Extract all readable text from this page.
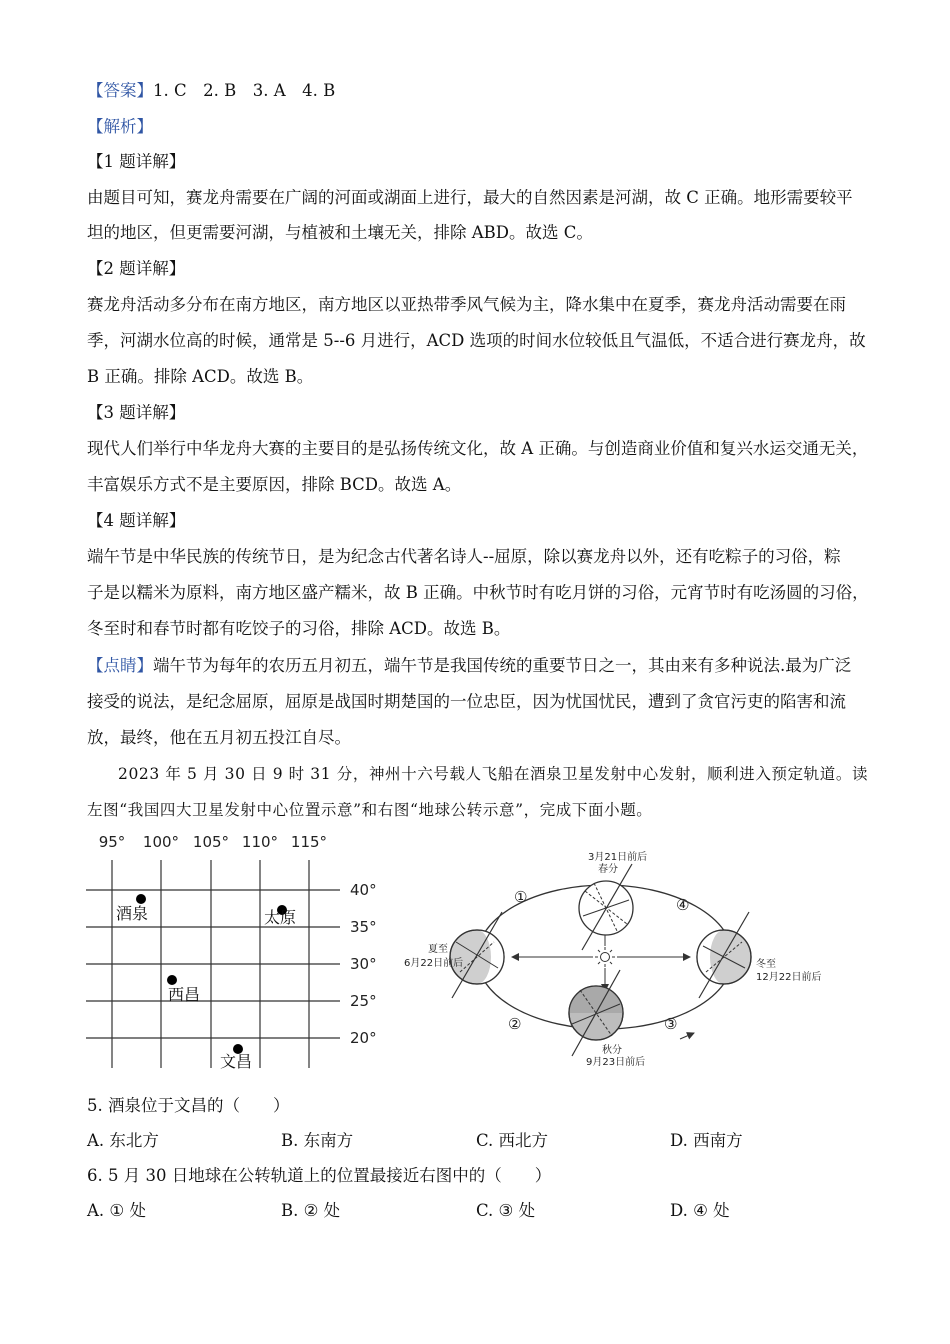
【答案】1. C　2. B　3. A　4. B
【解析】
【1 题详解】
由题目可知，赛龙舟需要在广阔的河面或湖面上进行，最大的自然因素是河湖，故 C 正确。地形需要较平
坦的地区，但更需要河湖，与植被和土壤无关，排除 ABD。故选 C。
【2 题详解】
赛龙舟活动多分布在南方地区，南方地区以亚热带季风气候为主，降水集中在夏季，赛龙舟活动需要在雨
季，河湖水位高的时候，通常是 5--6 月进行，ACD 选项的时间水位较低且气温低，不适合进行赛龙舟，故
B 正确。排除 ACD。故选 B。
【3 题详解】
现代人们举行中华龙舟大赛的主要目的是弘扬传统文化，故 A 正确。与创造商业价值和复兴水运交通无关，
丰富娱乐方式不是主要原因，排除 BCD。故选 A。
【4 题详解】
端午节是中华民族的传统节日，是为纪念古代著名诗人--屈原，除以赛龙舟以外，还有吃粽子的习俗，粽
子是以糯米为原料，南方地区盛产糯米，故 B 正确。中秋节时有吃月饼的习俗，元宵节时有吃汤圆的习俗，
冬至时和春节时都有吃饺子的习俗，排除 ACD。故选 B。
【点睛】端午节为每年的农历五月初五，端午节是我国传统的重要节日之一，其由来有多种说法.最为广泛
接受的说法，是纪念屈原，屈原是战国时期楚国的一位忠臣，因为忧国忧民，遭到了贪官污吏的陷害和流
放，最终，他在五月初五投江自尽。
2023 年 5 月 30 日 9 时 31 分，神州十六号载人飞船在酒泉卫星发射中心发射，顺利进入预定轨道。读
左图“我国四大卫星发射中心位置示意”和右图“地球公转示意”，完成下面小题。
95° 100° 105° 110° 115°
40°
35°
30°
25°
20°
酒泉	太原
西昌
文昌
①
②	③
④
3月21日前后
春分
夏至
6月22日前后	冬至
12月22日前后
秋分
9月23日前后
5. 酒泉位于文昌的（　　）
A. 东北方	B. 东南方	C. 西北方	D. 西南方
6. 5 月 30 日地球在公转轨道上的位置最接近右图中的（　　）
A. ① 处	B. ② 处	C. ③ 处	D. ④ 处
